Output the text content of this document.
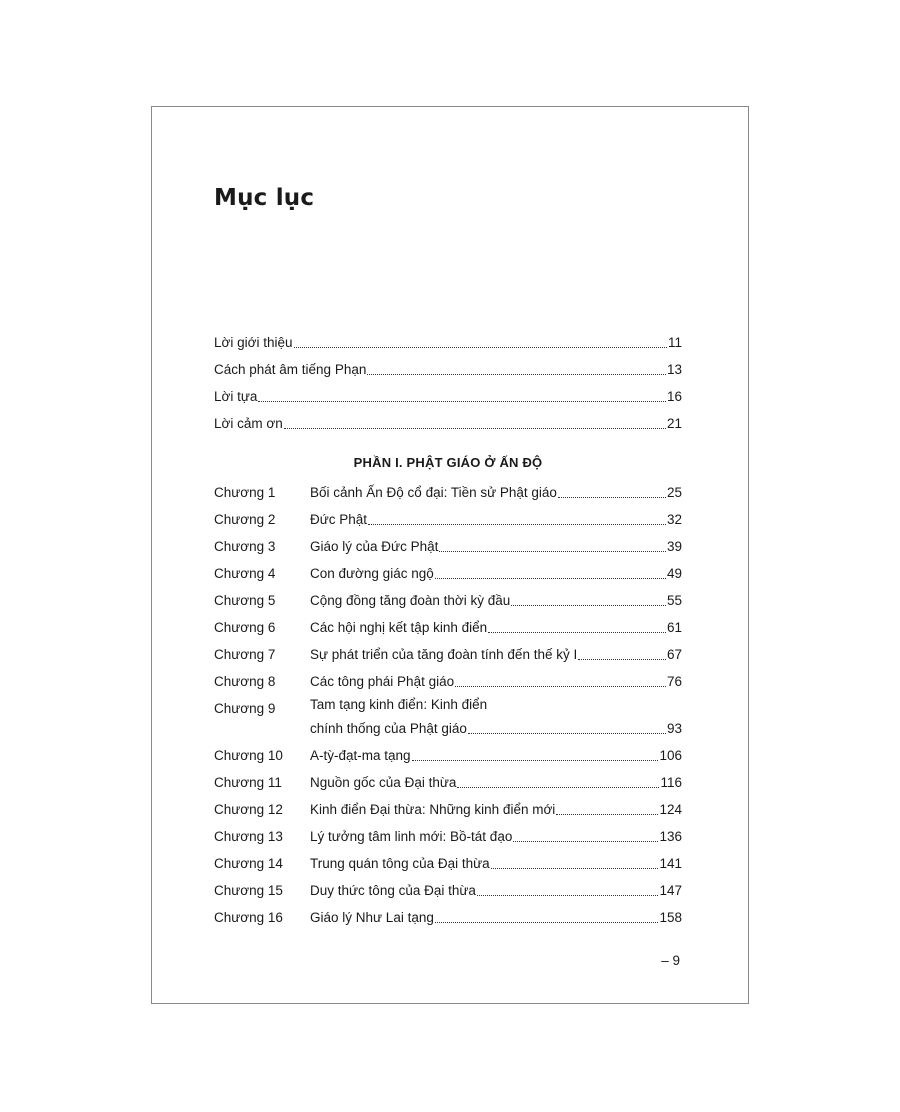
Mục lục
Lời giới thiệu	11
Cách phát âm tiếng Phạn	13
Lời tựa	16
Lời cảm ơn	21
PHẦN I. PHẬT GIÁO Ở ẤN ĐỘ
Chương 1	Bối cảnh Ấn Độ cổ đại: Tiền sử Phật giáo	25
Chương 2	Đức Phật	32
Chương 3	Giáo lý của Đức Phật	39
Chương 4	Con đường giác ngộ	49
Chương 5	Cộng đồng tăng đoàn thời kỳ đầu	55
Chương 6	Các hội nghị kết tập kinh điển	61
Chương 7	Sự phát triển của tăng đoàn tính đến thế kỷ I	67
Chương 8	Các tông phái Phật giáo	76
Chương 9	Tam tạng kinh điển: Kinh điển
chính thống của Phật giáo	93
Chương 10	A-tỳ-đạt-ma tạng	106
Chương 11	Nguồn gốc của Đại thừa	116
Chương 12	Kinh điển Đại thừa: Những kinh điển mới	124
Chương 13	Lý tưởng tâm linh mới: Bồ-tát đạo	136
Chương 14	Trung quán tông của Đại thừa	141
Chương 15	Duy thức tông của Đại thừa	147
Chương 16	Giáo lý Như Lai tạng	158
– 9
